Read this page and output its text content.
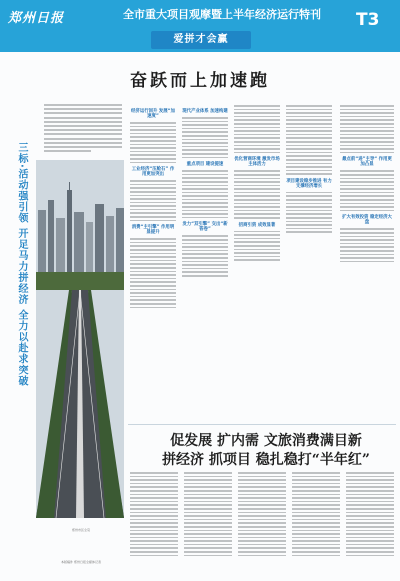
郑州日报	全市重大项目观摩暨上半年经济运行特刊
爱拼才会赢
T3
奋跃而上加速跑
三标·活动强引领 开足马力拼经济 全力以赴求突破
郑州市区全景
经济运行回升 发展“加速度”
工业经济“压舱石” 作用更加突出
消费“主引擎” 作用明显提升
现代产业体系 加速构建
重点项目 建设提速
发力“双引擎” 交出“新答卷”
优化营商环境 激发市场主体活力
招商引资 成效显著
项目建设稳步推进 有力支撑经济增长
最点前“进”主导“ 作用更加凸显
扩大有效投资 稳定经济大盘
促发展 扩内需 文旅消费满目新
拼经济 抓项目 稳扎稳打“半年红”
本版稿件 郑州日报全媒体记者
